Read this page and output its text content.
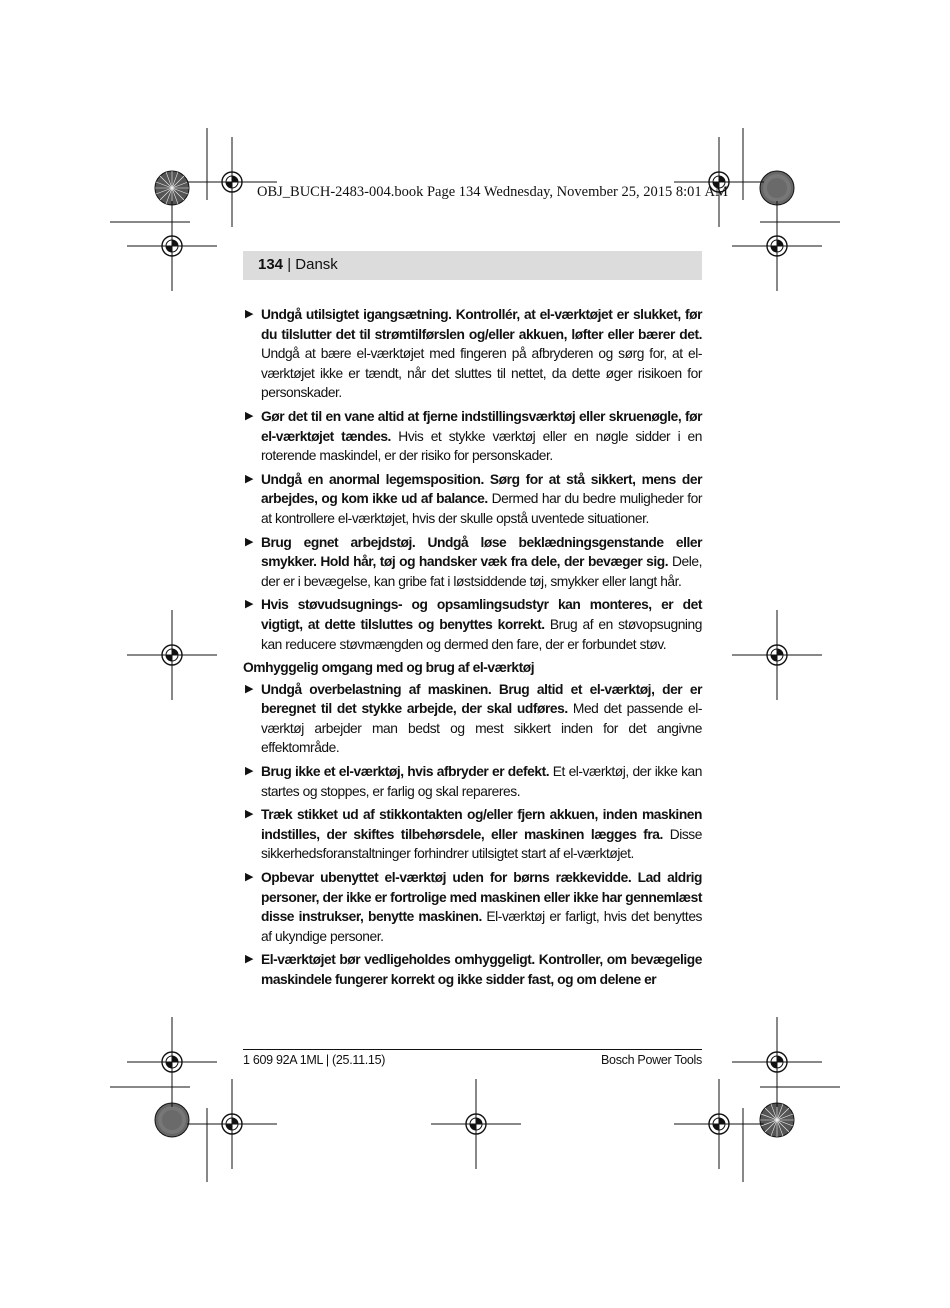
OBJ_BUCH-2483-004.book Page 134 Wednesday, November 25, 2015 8:01 AM
134 | Dansk
▶ Undgå utilsigtet igangsætning. Kontrollér, at el-værktøjet er slukket, før du tilslutter det til strømtilførslen og/eller akkuen, løfter eller bærer det. Undgå at bære el-værktøjet med fingeren på afbryderen og sørg for, at el-værktøjet ikke er tændt, når det sluttes til nettet, da dette øger risikoen for personskader.
▶ Gør det til en vane altid at fjerne indstillingsværktøj eller skruenøgle, før el-værktøjet tændes. Hvis et stykke værktøj eller en nøgle sidder i en roterende maskindel, er der risiko for personskader.
▶ Undgå en anormal legemsposition. Sørg for at stå sikkert, mens der arbejdes, og kom ikke ud af balance. Dermed har du bedre muligheder for at kontrollere el-værktøjet, hvis der skulle opstå uventede situationer.
▶ Brug egnet arbejdstøj. Undgå løse beklædningsgenstande eller smykker. Hold hår, tøj og handsker væk fra dele, der bevæger sig. Dele, der er i bevægelse, kan gribe fat i løstsiddende tøj, smykker eller langt hår.
▶ Hvis støvudsugnings- og opsamlingsudstyr kan monteres, er det vigtigt, at dette tilsluttes og benyttes korrekt. Brug af en støvopsugning kan reducere støvmængden og dermed den fare, der er forbundet støv.
Omhyggelig omgang med og brug af el-værktøj
▶ Undgå overbelastning af maskinen. Brug altid et el-værktøj, der er beregnet til det stykke arbejde, der skal udføres. Med det passende el-værktøj arbejder man bedst og mest sikkert inden for det angivne effektområde.
▶ Brug ikke et el-værktøj, hvis afbryder er defekt. Et el-værktøj, der ikke kan startes og stoppes, er farlig og skal repareres.
▶ Træk stikket ud af stikkontakten og/eller fjern akkuen, inden maskinen indstilles, der skiftes tilbehørsdele, eller maskinen lægges fra. Disse sikkerhedsforanstaltninger forhindrer utilsigtet start af el-værktøjet.
▶ Opbevar ubenyttet el-værktøj uden for børns rækkevidde. Lad aldrig personer, der ikke er fortrolige med maskinen eller ikke har gennemlæst disse instrukser, benytte maskinen. El-værktøj er farligt, hvis det benyttes af ukyndige personer.
▶ El-værktøjet bør vedligeholdes omhyggeligt. Kontroller, om bevægelige maskindele fungerer korrekt og ikke sidder fast, og om delene er
1 609 92A 1ML | (25.11.15)	Bosch Power Tools
